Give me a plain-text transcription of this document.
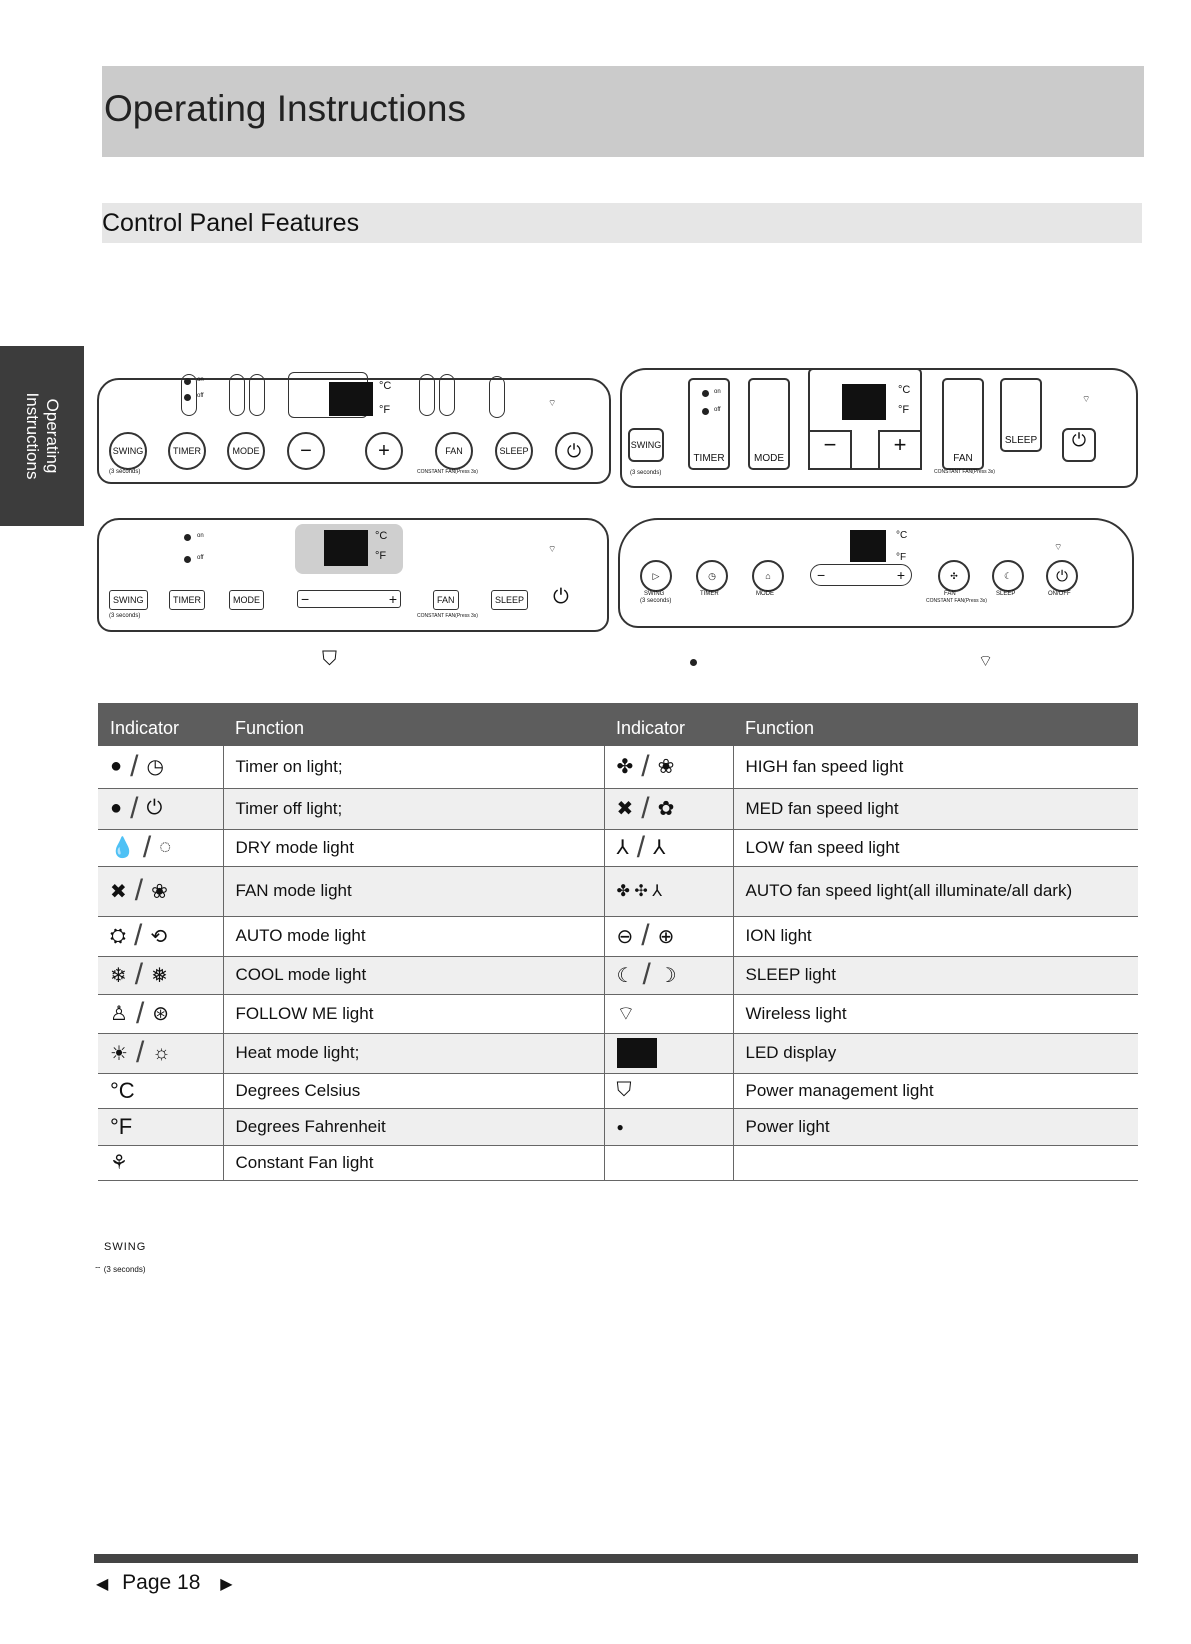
Operating Instructions
Control Panel Features
Operating
Instructions
on
off
°C
°F
⌔
SWING
(3 seconds)
TIMER	MODE −	+	FAN
CONSTANT FAN(Press 3s)
SLEEP ⏻
on
off
TIMER	MODE
°C
°F
−	+
FAN
CONSTANT FAN(Press 3s)
SLEEP
⌔
⏻
SWING
(3 seconds)
on
off
°C
°F
⌔
SWING
(3 seconds)
TIMER	MODE	−	+	FAN
CONSTANT FAN(Press 3s)
SLEEP ⏻
°C
°F
⌔
▷
SWING
(3 seconds)
◷
TIMER
⌂
MODE
−	+	✣
FAN
CONSTANT FAN(Press 3s)
☾
SLEEP
⏻
ON/OFF
⛉	⌔
Indicator	Function	Indicator	Function

● / ◷	Timer on light;	✤ / ❀	HIGH fan speed light

● / ⏻	Timer off light;	✖ / ✿	MED fan speed light

💧 / ◌	DRY mode light	⅄ / ⅄	LOW fan speed light

✖ / ❀	FAN mode light	✤ ✣ ⅄	AUTO fan speed light(all illuminate/all dark)

⛭ / ⟲	AUTO mode light	⊖ / ⊕	ION light

❄ / ❅	COOL mode light	☾ / ☽	SLEEP light

♙ / ⊛	FOLLOW ME light	⌔	Wireless light

☀ / ☼	Heat mode light;		LED display

°C	Degrees Celsius	⛉	Power management light

°F	Degrees Fahrenheit	●	Power light

⚘	Constant Fan light		
SWING
⌔ (3 seconds)
◀ Page 18 ▶
